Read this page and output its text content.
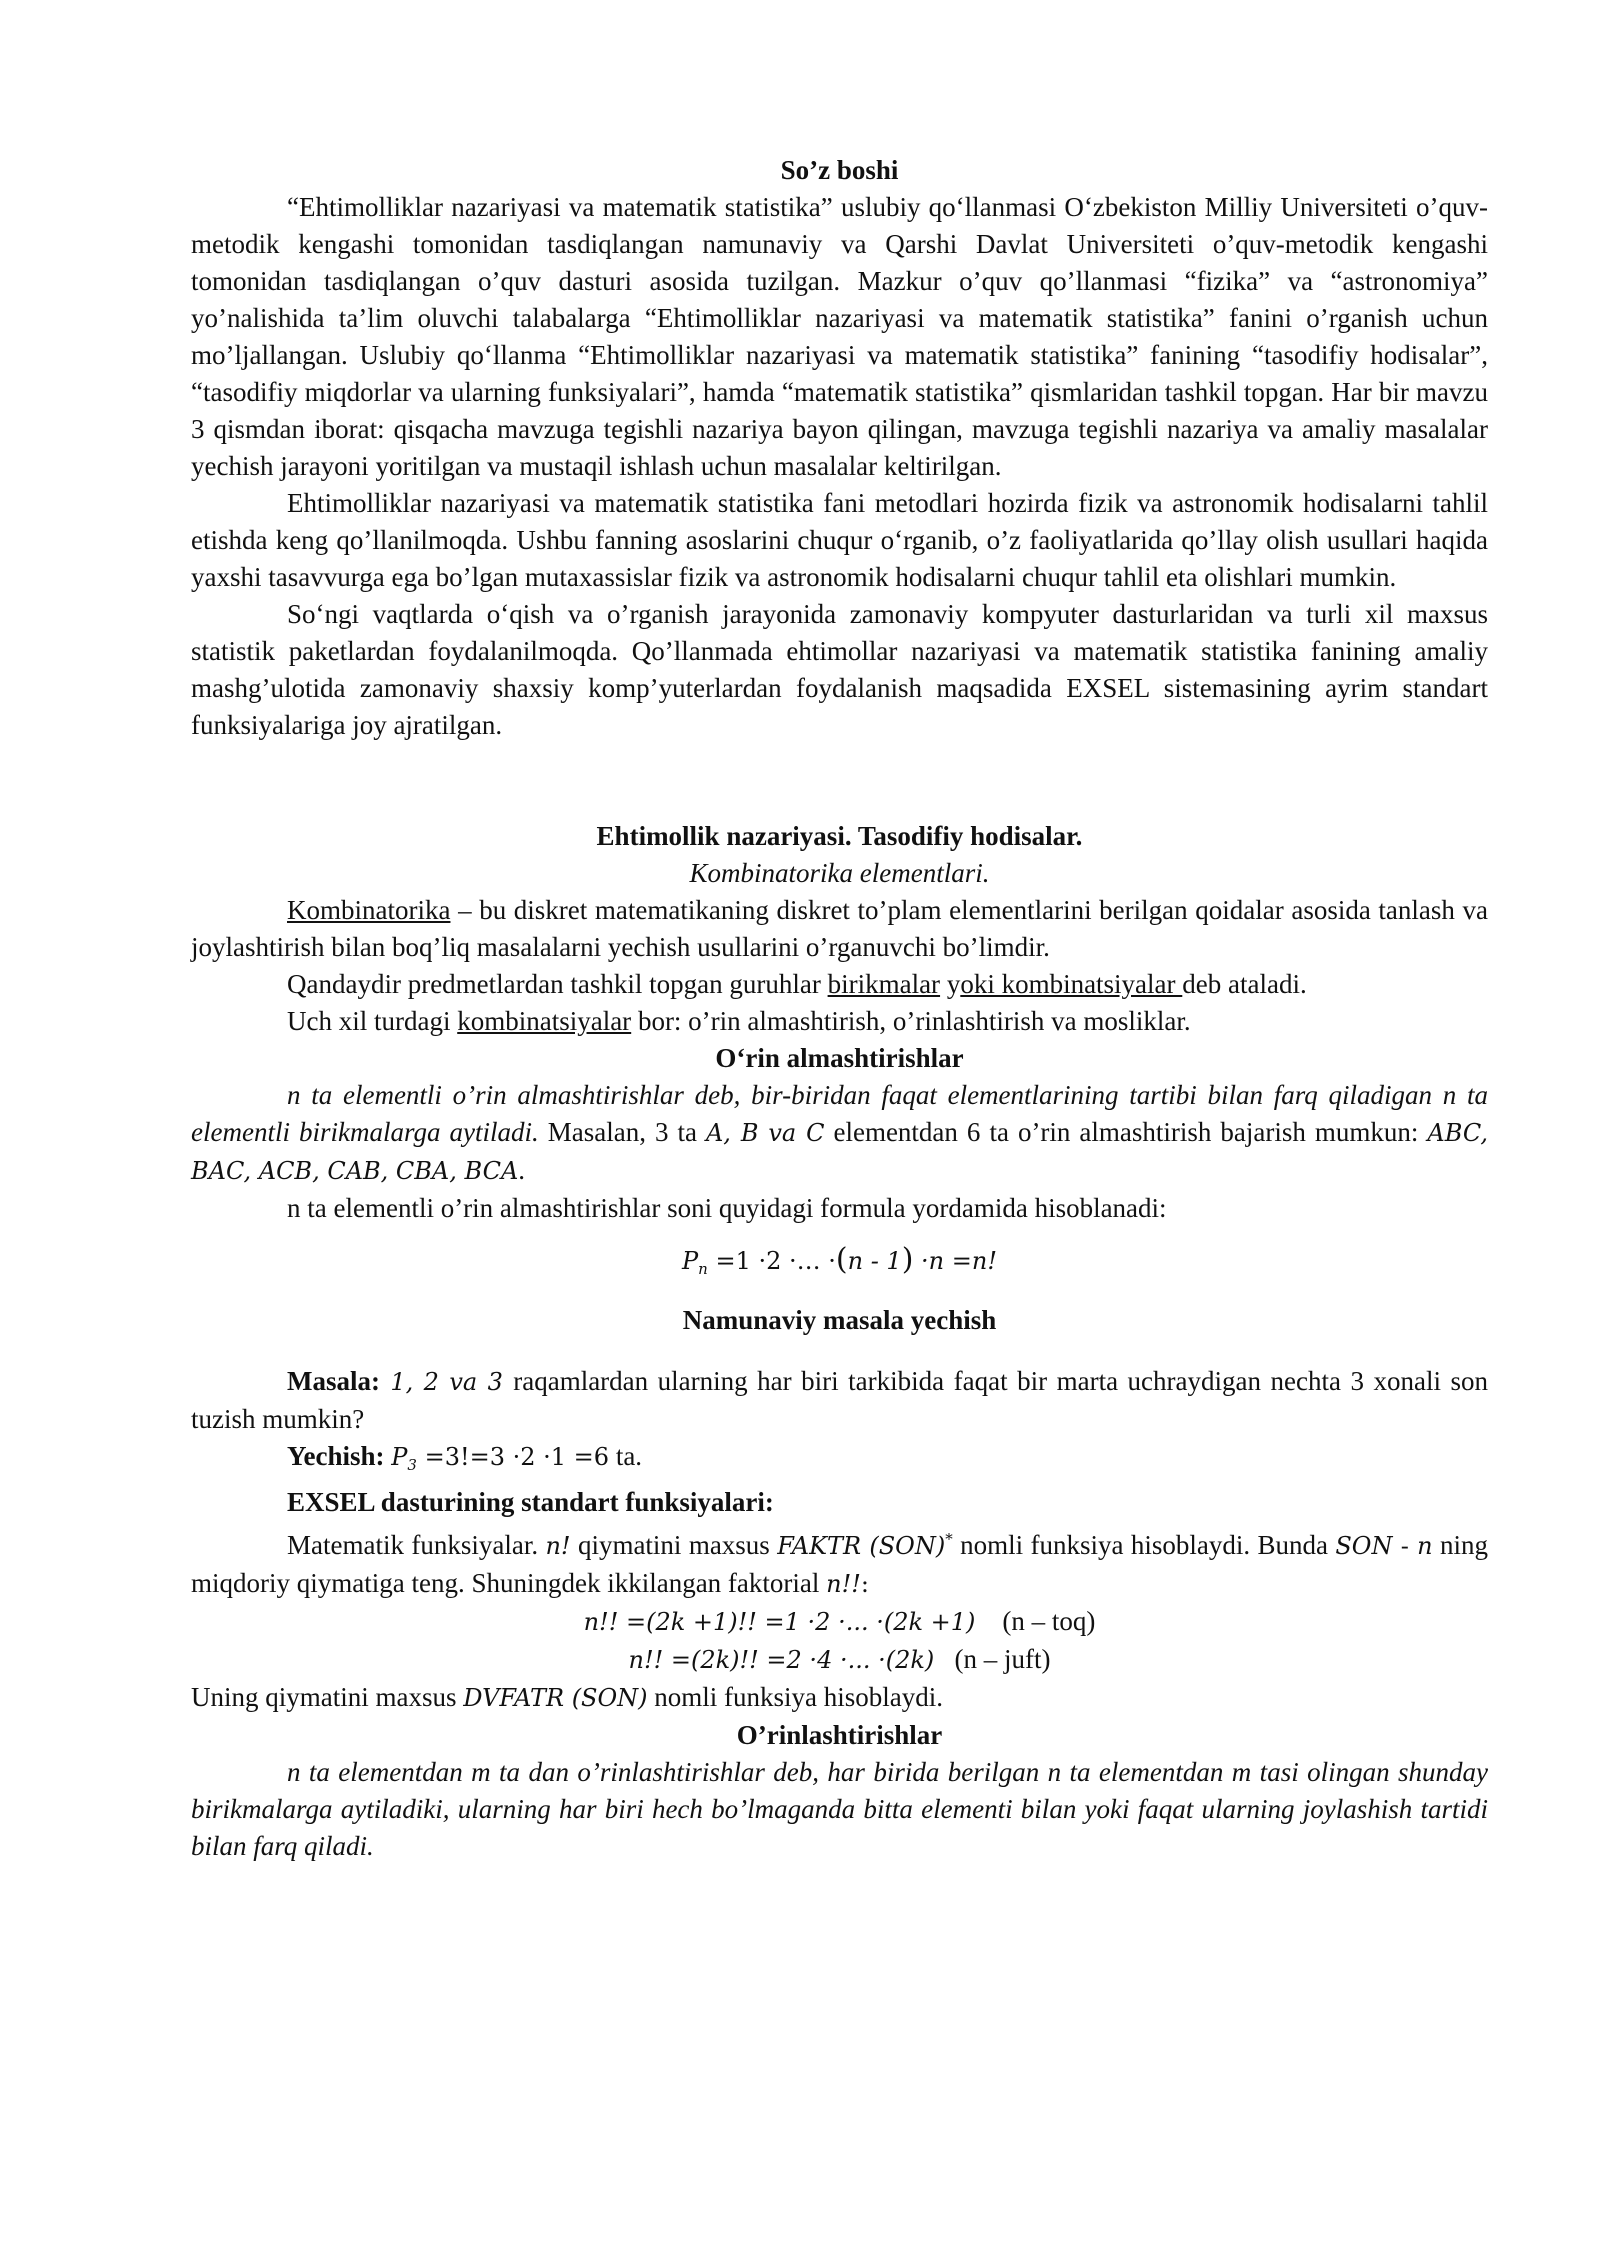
So’z boshi

“Ehtimolliklar nazariyasi va matematik statistika” uslubiy qo‘llanmasi O‘zbekiston Milliy Universiteti o’quv-metodik kengashi tomonidan tasdiqlangan namunaviy va Qarshi Davlat Universiteti o’quv-metodik kengashi tomonidan tasdiqlangan o’quv dasturi asosida tuzilgan. Mazkur o’quv qo’llanmasi “fizika” va “astronomiya” yo’nalishida ta’lim oluvchi talabalarga “Ehtimolliklar nazariyasi va matematik statistika” fanini o’rganish uchun mo’ljallangan. Uslubiy qo‘llanma “Ehtimolliklar nazariyasi va matematik statistika” fanining “tasodifiy hodisalar”, “tasodifiy miqdorlar va ularning funksiyalari”, hamda “matematik statistika” qismlaridan tashkil topgan. Har bir mavzu 3 qismdan iborat: qisqacha mavzuga tegishli nazariya bayon qilingan, mavzuga tegishli nazariya va amaliy masalalar yechish jarayoni yoritilgan va mustaqil ishlash uchun masalalar keltirilgan.

Ehtimolliklar nazariyasi va matematik statistika fani metodlari hozirda fizik va astronomik hodisalarni tahlil etishda keng qo’llanilmoqda. Ushbu fanning asoslarini chuqur o‘rganib, o’z faoliyatlarida qo’llay olish usullari haqida yaxshi tasavvurga ega bo’lgan mutaxassislar fizik va astronomik hodisalarni chuqur tahlil eta olishlari mumkin.

So‘ngi vaqtlarda o‘qish va o’rganish jarayonida zamonaviy kompyuter dasturlaridan va turli xil maxsus statistik paketlardan foydalanilmoqda. Qo’llanmada ehtimollar nazariyasi va matematik statistika fanining amaliy mashg’ulotida zamonaviy shaxsiy komp’yuterlardan foydalanish maqsadida EXSEL sistemasining ayrim standart funksiyalariga joy ajratilgan.

Ehtimollik nazariyasi. Tasodifiy hodisalar.

Kombinatorika elementlari.

Kombinatorika – bu diskret matematikaning diskret to’plam elementlarini berilgan qoidalar asosida tanlash va joylashtirish bilan boq’liq masalalarni yechish usullarini o’rganuvchi bo’limdir.

Qandaydir predmetlardan tashkil topgan guruhlar birikmalar yoki kombinatsiyalar deb ataladi.

Uch xil turdagi kombinatsiyalar bor: o’rin almashtirish, o’rinlashtirish va mosliklar.

O‘rin almashtirishlar

n ta elementli o’rin almashtirishlar deb, bir-biridan faqat elementlarining tartibi bilan farq qiladigan n ta elementli birikmalarga aytiladi. Masalan, 3 ta A, B va C elementdan 6 ta o’rin almashtirish bajarish mumkun: ABC, BAC, ACB, CAB, CBA, BCA.

n ta elementli o’rin almashtirishlar soni quyidagi formula yordamida hisoblanadi:

$P_n =1 \cdot 2$ ·… ·(n - 1) ·n =n!

Namunaviy masala yechish

Masala: 1, 2 va 3 raqamlardan ularning har biri tarkibida faqat bir marta uchraydigan nechta 3 xonali son tuzish mumkin?

Yechish: $P_3 =3!=3 \cdot 2 \cdot 1 =6$ ta.

EXSEL dasturining standart funksiyalari:

Matematik funksiyalar. n! qiymatini maxsus FAKTR (SON)* nomli funksiya hisoblaydi. Bunda SON - n ning miqdoriy qiymatiga teng. Shuningdek ikkilangan faktorial n!!:

n!! =(2k +1)!! =1 ·2 ·... ·(2k +1) (n – toq)

n!! =(2k)!! =2 ·4 ·... ·(2k) (n – juft)

Uning qiymatini maxsus DVFATR (SON) nomli funksiya hisoblaydi.

O’rinlashtirishlar

n ta elementdan m ta dan o’rinlashtirishlar deb, har birida berilgan n ta elementdan m tasi olingan shunday birikmalarga aytiladiki, ularning har biri hech bo’lmaganda bitta elementi bilan yoki faqat ularning joylashish tartidi bilan farq qiladi.
